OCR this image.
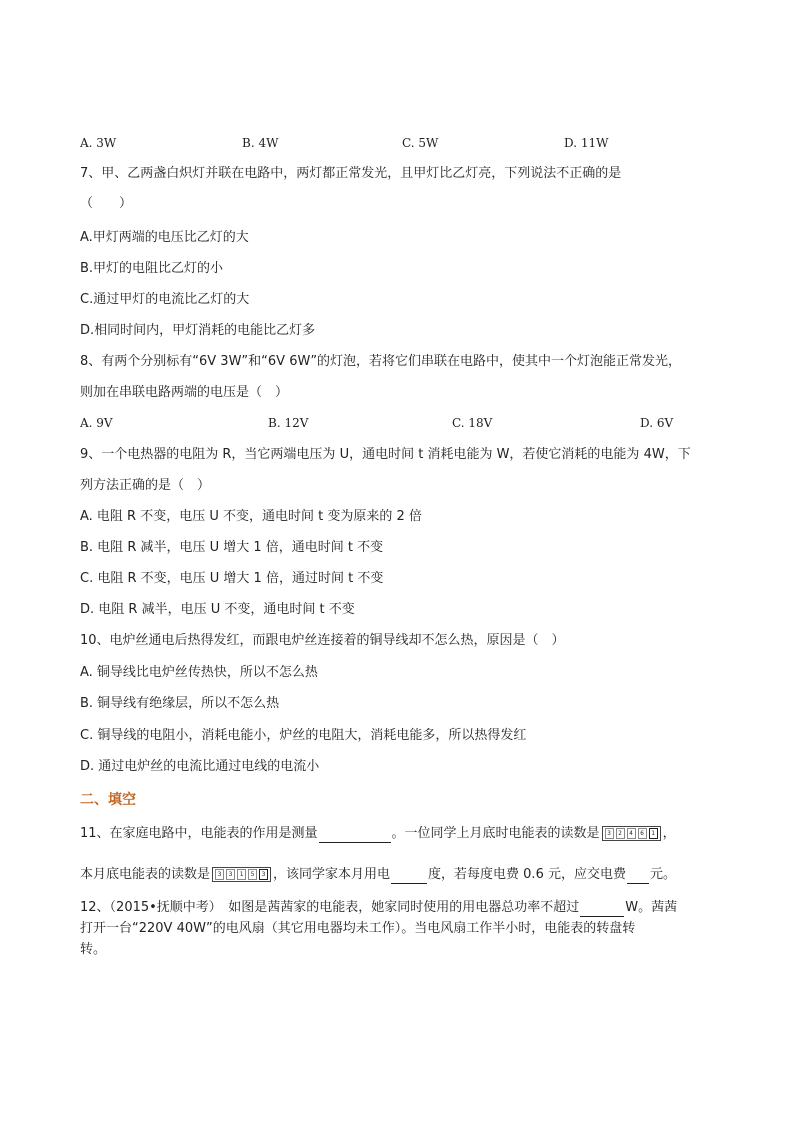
A. 3W	B. 4W	C. 5W	D. 11W
7、甲、乙两盏白炽灯并联在电路中，两灯都正常发光，且甲灯比乙灯亮，下列说法不正确的是
（　　）
A.甲灯两端的电压比乙灯的大
B.甲灯的电阻比乙灯的小
C.通过甲灯的电流比乙灯的大
D.相同时间内，甲灯消耗的电能比乙灯多
8、有两个分别标有“6V 3W”和“6V 6W”的灯泡，若将它们串联在电路中，使其中一个灯泡能正常发光，
则加在串联电路两端的电压是（　）
A. 9V	B. 12V	C. 18V	D. 6V
9、一个电热器的电阻为 R，当它两端电压为 U，通电时间 t 消耗电能为 W，若使它消耗的电能为 4W，下
列方法正确的是（　）
A. 电阻 R 不变，电压 U 不变，通电时间 t 变为原来的 2 倍
B. 电阻 R 减半，电压 U 增大 1 倍，通电时间 t 不变
C. 电阻 R 不变，电压 U 增大 1 倍，通过时间 t 不变
D. 电阻 R 减半，电压 U 不变，通电时间 t 不变
10、电炉丝通电后热得发红，而跟电炉丝连接着的铜导线却不怎么热，原因是（　）
A. 铜导线比电炉丝传热快，所以不怎么热
B. 铜导线有绝缘层，所以不怎么热
C. 铜导线的电阻小，消耗电能小，炉丝的电阻大，消耗电能多，所以热得发红
D. 通过电炉丝的电流比通过电线的电流小
二、填空
11、在家庭电路中，电能表的作用是测量	。一位同学上月底时电能表的读数是	3	2	4	6	1 ，
本月底电能表的读数是	3	3	1	5	3 ，该同学家本月用电	度，若每度电费 0.6 元，应交电费 元。
12、（2015•抚顺中考）　如图是茜茜家的电能表，她家同时使用的用电器总功率不超过	W。茜茜
打开一台“220V 40W”的电风扇（其它用电器均未工作）。当电风扇工作半小时，电能表的转盘转
转。
